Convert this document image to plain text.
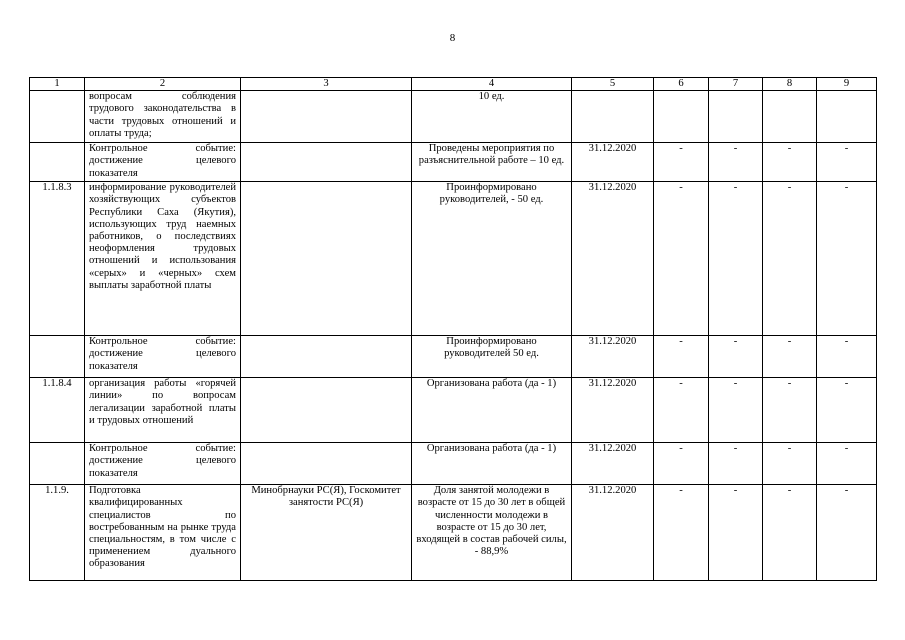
8
1	2	3	4	5	6	7	8	9
	вопросам соблюдения трудового законодательства в части трудовых отношений и оплаты труда;		10 ед.					
	Контрольное событие: достижение целевого показателя		Проведены мероприятия по разъяснительной работе – 10 ед.	31.12.2020	-	-	-	-
1.1.8.3	информирование руководителей хозяйствующих субъектов Республики Саха (Якутия), использующих труд наемных работников, о последствиях неоформления трудовых отношений и использования «серых» и «черных» схем выплаты заработной платы		Проинформировано руководителей, - 50 ед.	31.12.2020	-	-	-	-
	Контрольное событие: достижение целевого показателя		Проинформировано руководителей 50 ед.	31.12.2020	-	-	-	-
1.1.8.4	организация работы «горячей линии» по вопросам легализации заработной платы и трудовых отношений		Организована работа (да - 1)	31.12.2020	-	-	-	-
	Контрольное событие: достижение целевого показателя		Организована работа (да - 1)	31.12.2020	-	-	-	-
1.1.9.	Подготовка квалифицированных специалистов по востребованным на рынке труда специальностям, в том числе с применением дуального образования	Минобрнауки РС(Я), Госкомитет занятости РС(Я)	Доля занятой молодежи в возрасте от 15 до 30 лет в общей численности молодежи в возрасте от 15 до 30 лет, входящей в состав рабочей силы, - 88,9%	31.12.2020	-	-	-	-
